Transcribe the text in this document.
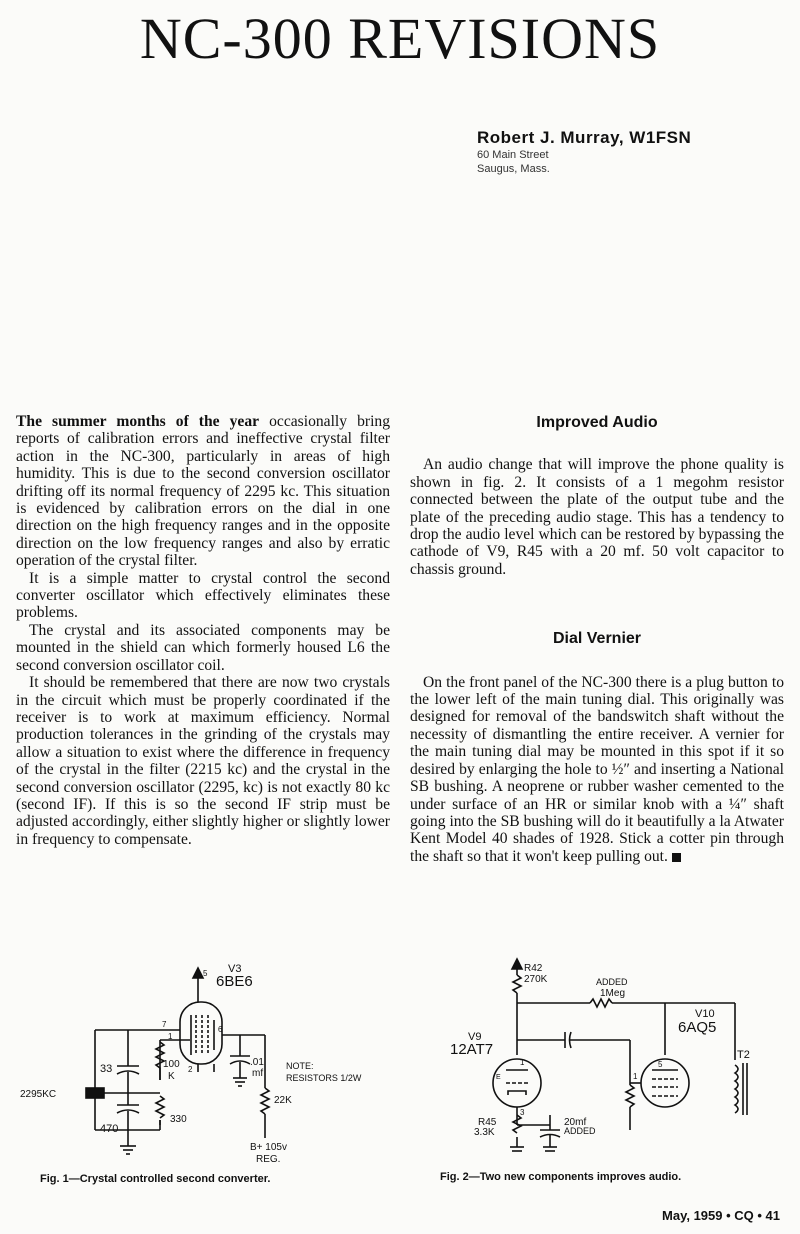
NC-300 REVISIONS
Robert J. Murray, W1FSN
60 Main Street
Saugus, Mass.

The summer months of the year occasionally bring reports of calibration errors and ineffective crystal filter action in the NC-300, particularly in areas of high humidity. This is due to the second conversion oscillator drifting off its normal frequency of 2295 kc. This situation is evidenced by calibration errors on the dial in one direction on the high frequency ranges and in the opposite direction on the low frequency ranges and also by erratic operation of the crystal filter.

It is a simple matter to crystal control the second converter oscillator which effectively eliminates these problems.

The crystal and its associated components may be mounted in the shield can which formerly housed L6 the second conversion oscillator coil.

It should be remembered that there are now two crystals in the circuit which must be properly coordinated if the receiver is to work at maximum efficiency. Normal production tolerances in the grinding of the crystals may allow a situation to exist where the difference in frequency of the crystal in the filter (2215 kc) and the crystal in the second conversion oscillator (2295, kc) is not exactly 80 kc (second IF). If this is so the second IF strip must be adjusted accordingly, either slightly higher or slightly lower in frequency to compensate.

Improved Audio

An audio change that will improve the phone quality is shown in fig. 2. It consists of a 1 megohm resistor connected between the plate of the output tube and the plate of the preceding audio stage. This has a tendency to drop the audio level which can be restored by bypassing the cathode of V9, R45 with a 20 mf. 50 volt capacitor to chassis ground.

Dial Vernier

On the front panel of the NC-300 there is a plug button to the lower left of the main tuning dial. This originally was designed for removal of the bandswitch shaft without the necessity of dismantling the entire receiver. A vernier for the main tuning dial may be mounted in this spot if it so desired by enlarging the hole to ½″ and inserting a National SB bushing. A neoprene or rubber washer cemented to the under surface of an HR or similar knob with a ¼″ shaft going into the SB bushing will do it beautifully a la Atwater Kent Model 40 shades of 1928. Stick a cotter pin through the shaft so that it won't keep pulling out.

V3
6BE6
5
6
7
1
2
33
470
2295KC
100
K
330
.01
mf
NOTE:
RESISTORS 1/2W
22K
B+ 105v
REG.
Fig. 1—Crystal controlled second converter.
R42
270K	ADDED
1Meg
V9
12AT7
V10
6AQ5
T2
R45
3.3K
20mf
ADDED
E
1
3
5
1
Fig. 2—Two new components improves audio.
May, 1959 • CQ • 41
